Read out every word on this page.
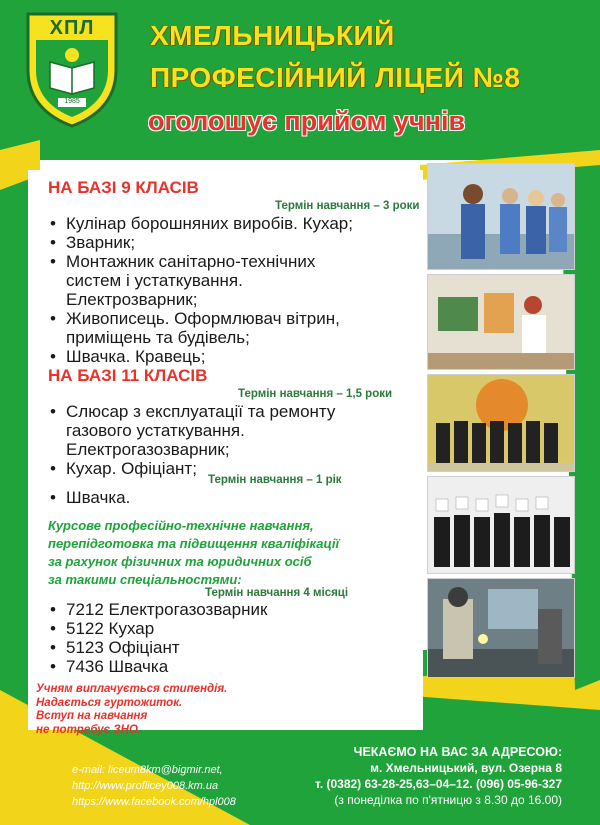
ХПЛ
1985
ХМЕЛЬНИЦЬКИЙ
ПРОФЕСІЙНИЙ ЛІЦЕЙ №8
оголошує прийом учнів
НА БАЗІ 9 КЛАСІВ
Термін навчання – 3 роки
• Кулінар борошняних виробів. Кухар;
• Зварник;
• Монтажник санітарно-технічних систем і устаткування. Електрозварник;
• Живописець. Оформлювач вітрин, приміщень та будівель;
• Швачка. Кравець;
НА БАЗІ 11 КЛАСІВ
Термін навчання – 1,5 роки
• Слюсар з експлуатації та ремонту газового устаткування. Електрогазозварник;
• Кухар. Офіціант;
Термін навчання – 1 рік
• Швачка.
Курсове професійно-технічне навчання,
перепідготовка та підвищення кваліфікації
за рахунок фізичних та юридичних осіб
за такими спеціальностями:
Термін навчання 4 місяці
• 7212 Електрогазозварник
• 5122 Кухар
• 5123 Офіціант
• 7436 Швачка
Учням виплачується стипендія.
Надається гуртожиток.
Вступ на навчання
не потребує ЗНО.
e-mail: liceum8km@bigmir.net,
http://www.proflicey008.km.ua
https://www.facebook.com/hpl008
ЧЕКАЄМО НА ВАС ЗА АДРЕСОЮ:
м. Хмельницький, вул. Озерна 8
т. (0382) 63-28-25,63–04–12. (096) 05-96-327
(з понеділка по п'ятницю з 8.30 до 16.00)
